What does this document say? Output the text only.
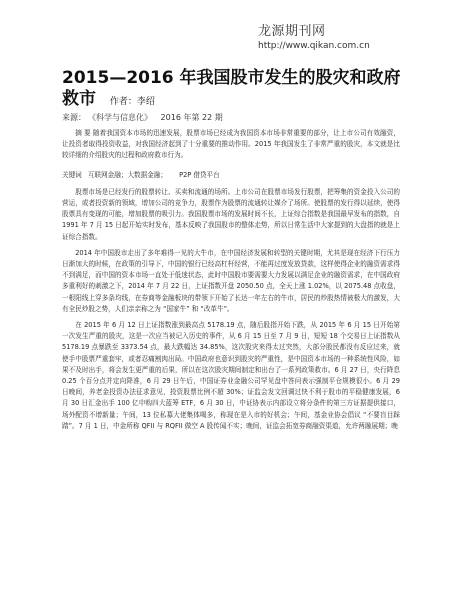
龙源期刊网
http://www.qikan.com.cn
2015—2016 年我国股市发生的股灾和政府 救市 作者：李绍
来源： 《科学与信息化》 2016 年第 22 期

摘 要 随着我国资本市场的迅速发展，股票市场已经成为我国资本市场非常重要的部分，让上市公司有效融资，让投资者取得投资收益，对我国经济起到了十分重要的推动作用。2015 年我国发生了非常严重的股灾，本文就是比较详细的介绍股灾的过程和政府救市行为。

关键词 互联网金融；大数据金融； P2P 借贷平台

股票市场是已经发行的股票转让、买卖和流通的场所。上市公司在股票市场发行股票，把筹集的资金投入公司的营运，或者投资新的领域，增加公司的竞争力，股票作为股票的流通转让媒介了场所。使股票的发行得以延续，使得股票具有变现的可能，增加股票的吸引力。我国股票市场的发展时间不长，上证综合指数是我国最早发布的指数，自 1991 年 7 月 15 日起开始实时发布，基本反映了我国股市的整体走势，所以日常生活中大家提到的大盘指的就是上证综合指数。

2014 年中国股市走出了多年难得一见的大牛市，在中国经济发展和转型的关键时期，尤其是现在经济下行压力日渐加大的时候，在政策的引导下，中国的银行已经高杠杆经营，不能再过度发放贷款，这样使得企业的融资需求得不到满足，而中国的资本市场一直处于低迷状态，此时中国股市要需要大力发展以满足企业的融资需求，在中国政府多重利好的刺激之下，2014 年 7 月 22 日，上证指数开盘 2050.50 点，全天上涨 1.02%，以 2075.48 点收盘，一根阳线上穿多条均线，在券商等金融板块的带领下开始了长达一年左右的牛市，居民的炒股热情被极大的激发，大有全民炒股之势，人们亲亲称之为 “国家牛” 和 “改革牛”。

在 2015 年 6 月 12 日上证指数涨到最高点 5178.19 点，随后股指开始下跌，从 2015 年 6 月 15 日开始第一次发生严重的股灾，这是一次应当被记入历史的事件，从 6 月 15 日至 7 月 9 日，短短 18 个交易日上证指数从 5178.19 点暴跌至 3373.54 点，最大跌幅达 34.85%，这次股灾来得太过突然，大部分股民都没有反应过来，就使手中股票严重套牢，或者忍痛割肉出局。中国政府也意识到股灾的严重性，是中国资本市场的一种系统性风险，如果不及时出手，将会发生更严重的后果，所以在这次股灾期间制定和出台了一系列政策救市。6 月 27 日，央行降息 0.25 个百分点并定向降准，6 月 29 日午后，中国证券业金融公司罕见盘中答问表示强制平仓规模很小。6 月 29 日晚间，养老金投资办法征求意见，投资股票比例不超 30%；证监会发文回调过快不利于股市的平稳健康发展，6 月 30 日汇金出手 100 亿申购四大蓝筹 ETF，6 月 30 日，中证协表示内部设立将分条件的第三方证据提供接口，场外配资不增新量；午间，13 位私募大佬集体喝多，称现在是入市的好机会；午间，基金业协会倡议 “不要盲目踩踏”。7 月 1 日，中金所称 QFII 与 RQFII 做空 A 股传闻不实；晚间，证监会拓宽券商融资渠道，允许两融展期；晚
